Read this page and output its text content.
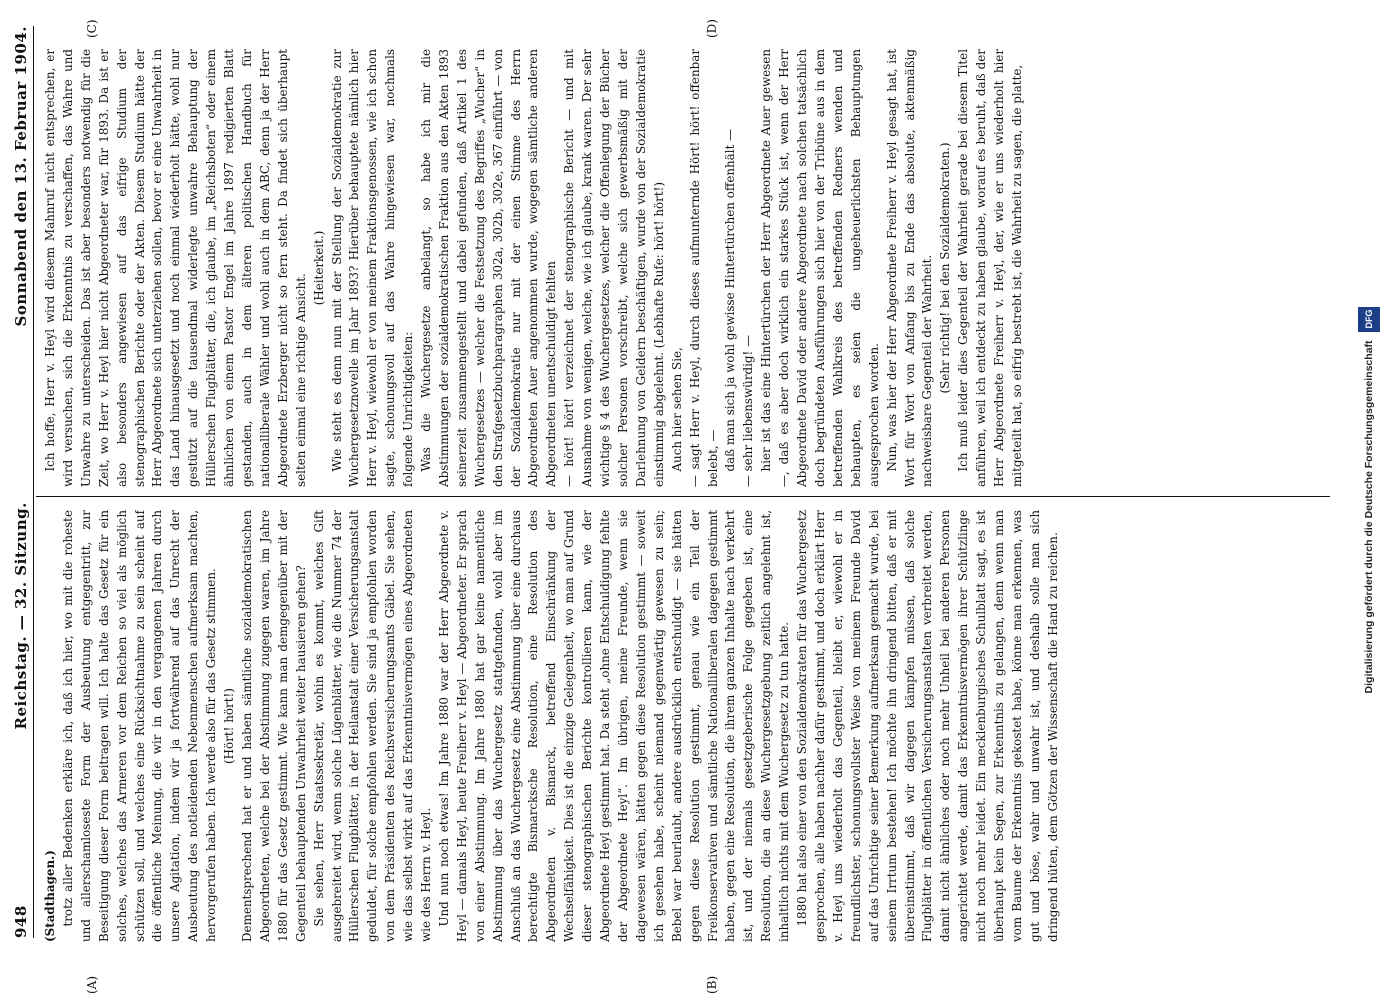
948
Reichstag. — 32. Sitzung.
Sonnabend den 13. Februar 1904.
(A)	(B)
(C)	(D)

(Stadthagen.) trotz aller Bedenken erkläre ich, daß ich hier, wo mit die roheste und allerschamloseste Form der Ausbeutung entgegentritt, zur Beseitigung dieser Form beitragen will. Ich halte das Gesetz für ein solches, welches das Armeren vor dem Reichen so viel als möglich schützen soll, und welches eine Rücksichtnahme zu sein scheint auf die öffentliche Meinung, die wir in den vergangenen Jahren durch unsere Agitation, indem wir ja fortwährend auf das Unrecht der Ausbeutung des notleidenden Nebenmenschen aufmerksam machten, hervorgerufen haben. Ich werde also für das Gesetz stimmen. (Hört! hört!) Dementsprechend hat er und haben sämtliche sozialdemokratischen Abgeordneten, welche bei der Abstimmung zugegen waren, im Jahre 1880 für das Gesetz gestimmt. Wie kann man demgegenüber mit der Gegenteil behauptenden Unwahrheit weiter hausieren gehen? Sie sehen, Herr Staatssekretär, wohin es kommt, welches Gift ausgebreitet wird, wenn solche Lügenblätter, wie die Nummer 74 der Hüllerschen Flugblätter, in der Heilanstalt einer Versicherungsanstalt geduldet, für solche empfohlen werden. Sie sind ja empfohlen worden von dem Präsidenten des Reichsversicherungsamts Gäbel. Sie sehen, wie das selbst wirkt auf das Erkenntnisvermögen eines Abgeordneten wie des Herrn v. Heyl. Und nun noch etwas! Im Jahre 1880 war der Herr Abgeordnete v. Heyl — damals Heyl, heute Freiherr v. Heyl — Abgeordneter. Er sprach von einer Abstimmung. Im Jahre 1880 hat gar keine namentliche Abstimmung über das Wuchergesetz stattgefunden, wohl aber im Anschluß an das Wuchergesetz eine Abstimmung über eine durchaus berechtigte Bismarcksche Resolution, eine Resolution des Abgeordneten v. Bismarck, betreffend Einschränkung der Wechselfähigkeit. Dies ist die einzige Gelegenheit, wo man auf Grund dieser stenographischen Berichte kontrollieren kann, wie der Abgeordnete Heyl gestimmt hat. Da steht „ohne Entschuldigung fehlte der Abgeordnete Heyl“. Im übrigen, meine Freunde, wenn sie dagewesen wären, hätten gegen diese Resolution gestimmt — soweit ich gesehen habe, scheint niemand gegenwärtig gewesen zu sein; Bebel war beurlaubt, andere ausdrücklich entschuldigt — sie hätten gegen diese Resolution gestimmt, genau wie ein Teil der Freikonservativen und sämtliche Nationalliberalen dagegen gestimmt haben, gegen eine Resolution, die ihrem ganzen Inhalte nach verkehrt ist, und der niemals gesetzgeberische Folge gegeben ist, eine Resolution, die an diese Wuchergesetzgebung zeitlich angelehnt ist, inhaltlich nichts mit dem Wuchergesetz zu tun hatte. 1880 hat also einer von den Sozialdemokraten für das Wuchergesetz gesprochen, alle haben nachher dafür gestimmt, und doch erklärt Herr v. Heyl uns wiederholt das Gegenteil, bleibt er, wiewohl er in freundlichster, schonungsvollster Weise von meinem Freunde David auf das Unrichtige seiner Bemerkung aufmerksam gemacht wurde, bei seinem Irrtum bestehen! Ich möchte ihn dringend bitten, daß er mit übereinstimmt, daß wir dagegen kämpfen müssen, daß solche Flugblätter in öffentlichen Versicherungsanstalten verbreitet werden, damit nicht ähnliches oder noch mehr Unheil bei anderen Personen angerichtet werde, damit das Erkenntnisvermögen ihrer Schützlinge nicht noch mehr leidet. Ein mecklenburgisches Schulblatt sagt, es ist überhaupt kein Segen, zur Erkenntnis zu gelangen, denn wenn man vom Baume der Erkenntnis gekostet habe, könne man erkennen, was gut und böse, wahr und unwahr ist, und deshalb solle man sich dringend hüten, dem Götzen der Wissenschaft die Hand zu reichen.

Ich hoffe, Herr v. Heyl wird diesem Mahnruf nicht entsprechen, er wird versuchen, sich die Erkenntnis zu verschaffen, das Wahre und Unwahre zu unterscheiden. Das ist aber besonders notwendig für die Zeit, wo Herr v. Heyl hier nicht Abgeordneter war, für 1893. Da ist er also besonders angewiesen auf das eifrige Studium der stenographischen Berichte oder der Akten. Diesem Studium hätte der Herr Abgeordnete sich unterziehen sollen, bevor er eine Unwahrheit in das Land hinausgesetzt und noch einmal wiederholt hätte, wohl nur gestützt auf die tausendmal widerlegte unwahre Behauptung der Hüllerschen Flugblätter, die, ich glaube, im „Reichsboten“ oder einem ähnlichen von einem Pastor Engel im Jahre 1897 redigierten Blatt gestanden, auch in dem älteren politischen Handbuch für nationalliberale Wähler und wohl auch in dem ABC, denn ja der Herr Abgeordnete Erzberger nicht so fern steht. Da findet sich überhaupt selten einmal eine richtige Ansicht.

(Heiterkeit.) Wie steht es denn nun mit der Stellung der Sozialdemokratie zur Wuchergesetznovelle im Jahr 1893? Hierüber behauptete nämlich hier Herr v. Heyl, wiewohl er von meinem Fraktionsgenossen, wie ich schon sagte, schonungsvoll auf das Wahre hingewiesen war, nochmals folgende Unrichtigkeiten: Was die Wuchergesetze anbelangt, so habe ich mir die Abstimmungen der sozialdemokratischen Fraktion aus den Akten 1893 seinerzeit zusammengestellt und dabei gefunden, daß Artikel 1 des Wuchergesetzes — welcher die Festsetzung des Begriffes „Wucher“ in den Strafgesetzbuchparagraphen 302a, 302b, 302e, 367 einführt — von der Sozialdemokratie nur mit der einen Stimme des Herrn Abgeordneten Auer angenommen wurde, wogegen sämtliche anderen Abgeordneten unentschuldigt fehlten — hört! hört! verzeichnet der stenographische Bericht — und mit Ausnahme von wenigen, welche, wie ich glaube, krank waren. Der sehr wichtige § 4 des Wuchergesetzes, welcher die Offenlegung der Bücher solcher Personen vorschreibt, welche sich gewerbsmäßig mit der Darlehnung von Geldern beschäftigen, wurde von der Sozialdemokratie einstimmig abgelehnt. (Lebhafte Rufe: hört! hört!) Auch hier sehen Sie, — sagt Herr v. Heyl, durch dieses aufmunternde Hört! hört! offenbar belebt, — daß man sich ja wohl gewisse Hintertürchen offenhält — — sehr liebenswürdig! — hier ist das eine Hintertürchen der Herr Abgeordnete Auer gewesen —, daß es aber doch wirklich ein starkes Stück ist, wenn der Herr Abgeordnete David oder andere Abgeordnete nach solchen tatsächlich doch begründeten Ausführungen sich hier von der Tribüne aus in dem betreffenden Wahlkreis des betreffenden Redners wenden und behaupten, es seien die ungeheuerlichsten Behauptungen ausgesprochen worden. Nun, was hier der Herr Abgeordnete Freiherr v. Heyl gesagt hat, ist Wort für Wort von Anfang bis zu Ende das absolute, aktenmäßig nachweisbare Gegenteil der Wahrheit. (Sehr richtig! bei den Sozialdemokraten.) Ich muß leider dies Gegenteil der Wahrheit gerade bei diesem Titel anführen, weil ich entdeckt zu haben glaube, worauf es beruht, daß der Herr Abgeordnete Freiherr v. Heyl, der, wie er uns wiederholt hier mitgeteilt hat, so eifrig bestrebt ist, die Wahrheit zu sagen, die platte,

Digitalisierung gefördert durch die Deutsche Forschungsgemeinschaft DFG
